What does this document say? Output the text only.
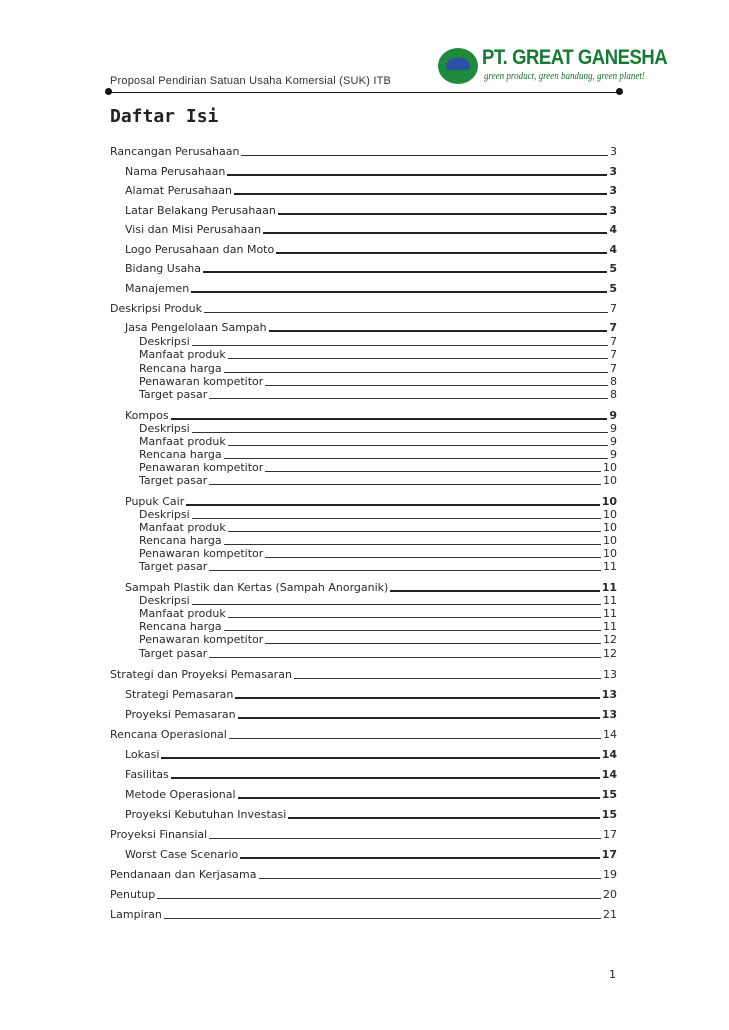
Proposal Pendirian Satuan Usaha Komersial (SUK) ITB
PT. GREAT GANESHA
green product, green bandung, green planet!
Daftar Isi
Rancangan Perusahaan	3
Nama Perusahaan	3
Alamat Perusahaan	3
Latar Belakang Perusahaan	3
Visi dan Misi Perusahaan	4
Logo Perusahaan dan Moto	4
Bidang Usaha	5
Manajemen	5
Deskripsi Produk	7
Jasa Pengelolaan Sampah	7
Deskripsi	7
Manfaat produk	7
Rencana harga	7
Penawaran kompetitor	8
Target pasar	8
Kompos	9
Deskripsi	9
Manfaat produk	9
Rencana harga	9
Penawaran kompetitor	10
Target pasar	10
Pupuk Cair	10
Deskripsi	10
Manfaat produk	10
Rencana harga	10
Penawaran kompetitor	10
Target pasar	11
Sampah Plastik dan Kertas (Sampah Anorganik)	11
Deskripsi	11
Manfaat produk	11
Rencana harga	11
Penawaran kompetitor	12
Target pasar	12
Strategi dan Proyeksi Pemasaran	13
Strategi Pemasaran	13
Proyeksi Pemasaran	13
Rencana Operasional	14
Lokasi	14
Fasilitas	14
Metode Operasional	15
Proyeksi Kebutuhan Investasi	15
Proyeksi Finansial	17
Worst Case Scenario	17
Pendanaan dan Kerjasama	19
Penutup	20
Lampiran	21
1
